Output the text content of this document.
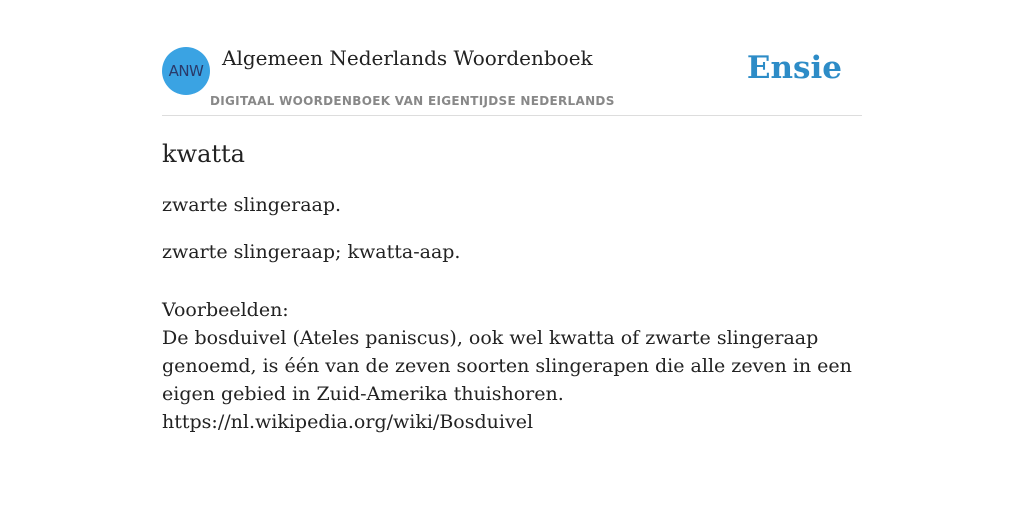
ANW
Algemeen Nederlands Woordenboek
DIGITAAL WOORDENBOEK VAN EIGENTIJDSE NEDERLANDS
Ensie
kwatta
zwarte slingeraap.
zwarte slingeraap; kwatta-aap.
Voorbeelden:
De bosduivel (Ateles paniscus), ook wel kwatta of zwarte slingeraap genoemd, is één van de zeven soorten slingerapen die alle zeven in een eigen gebied in Zuid-Amerika thuishoren.
https://nl.wikipedia.org/wiki/Bosduivel
